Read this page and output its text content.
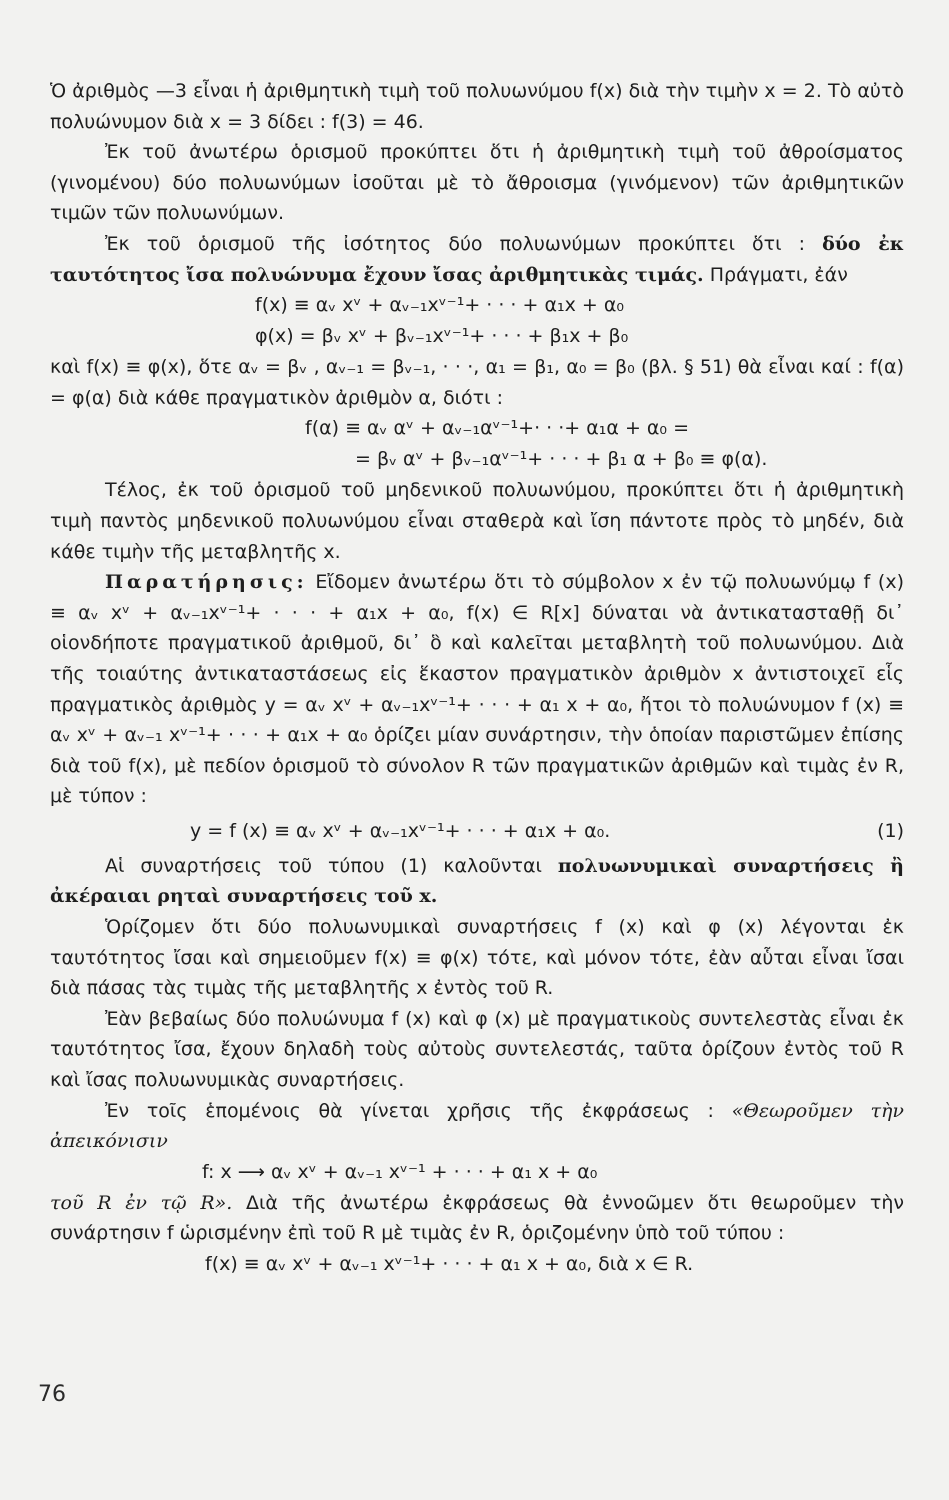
Ὁ ἀριθμὸς —3 εἶναι ἡ ἀριθμητικὴ τιμὴ τοῦ πολυωνύμου f(x) διὰ τὴν τιμὴν x = 2. Τὸ αὐτὸ πολυώνυμον διὰ x = 3 δίδει : f(3) = 46.

Ἐκ τοῦ ἀνωτέρω ὁρισμοῦ προκύπτει ὅτι ἡ ἀριθμητικὴ τιμὴ τοῦ ἀθροίσματος (γινομένου) δύο πολυωνύμων ἰσοῦται μὲ τὸ ἄθροισμα (γινόμενον) τῶν ἀριθμητικῶν τιμῶν τῶν πολυωνύμων.

Ἐκ τοῦ ὁρισμοῦ τῆς ἰσότητος δύο πολυωνύμων προκύπτει ὅτι : δύο ἐκ ταυτότητος ἴσα πολυώνυμα ἔχουν ἴσας ἀριθμητικὰς τιμάς. Πράγματι, ἐάν

f(x) ≡ αᵥ xᵛ + αᵥ₋₁xᵛ⁻¹+ · · · + α₁x + α₀
φ(x) = βᵥ xᵛ + βᵥ₋₁xᵛ⁻¹+ · · · + β₁x + β₀

καὶ f(x) ≡ φ(x), ὅτε αᵥ = βᵥ , αᵥ₋₁ = βᵥ₋₁, · · ·, α₁ = β₁, α₀ = β₀ (βλ. § 51) θὰ εἶναι καί : f(α) = φ(α) διὰ κάθε πραγματικὸν ἀριθμὸν α, διότι :

f(α) ≡ αᵥ αᵛ + αᵥ₋₁αᵛ⁻¹+· · ·+ α₁α + α₀ =
= βᵥ αᵛ + βᵥ₋₁αᵛ⁻¹+ · · · + β₁ α + β₀ ≡ φ(α).

Τέλος, ἐκ τοῦ ὁρισμοῦ τοῦ μηδενικοῦ πολυωνύμου, προκύπτει ὅτι ἡ ἀριθμητικὴ τιμὴ παντὸς μηδενικοῦ πολυωνύμου εἶναι σταθερὰ καὶ ἴση πάντοτε πρὸς τὸ μηδέν, διὰ κάθε τιμὴν τῆς μεταβλητῆς x.

Παρατήρησις: Εἴδομεν ἀνωτέρω ὅτι τὸ σύμβολον x ἐν τῷ πολυωνύμῳ f (x) ≡ αᵥ xᵛ + αᵥ₋₁xᵛ⁻¹+ · · · + α₁x + α₀, f(x) ∈ R[x] δύναται νὰ ἀντικατασταθῇ δι᾽ οἱονδήποτε πραγματικοῦ ἀριθμοῦ, δι᾽ ὃ καὶ καλεῖται μεταβλητὴ τοῦ πολυωνύμου. Διὰ τῆς τοιαύτης ἀντικαταστάσεως εἰς ἕκαστον πραγματικὸν ἀριθμὸν x ἀντιστοιχεῖ εἷς πραγματικὸς ἀριθμὸς y = αᵥ xᵛ + αᵥ₋₁xᵛ⁻¹+ · · · + α₁ x + α₀, ἤτοι τὸ πολυώνυμον f (x) ≡ αᵥ xᵛ + αᵥ₋₁ xᵛ⁻¹+ · · · + α₁x + α₀ ὁρίζει μίαν συνάρτησιν, τὴν ὁποίαν παριστῶμεν ἐπίσης διὰ τοῦ f(x), μὲ πεδίον ὁρισμοῦ τὸ σύνολον R τῶν πραγματικῶν ἀριθμῶν καὶ τιμὰς ἐν R, μὲ τύπον :

y = f (x) ≡ αᵥ xᵛ + αᵥ₋₁xᵛ⁻¹+ · · · + α₁x + α₀.	(1)

Αἱ συναρτήσεις τοῦ τύπου (1) καλοῦνται πολυωνυμικαὶ συναρτήσεις ἢ ἀκέραιαι ρηταὶ συναρτήσεις τοῦ x.

Ὁρίζομεν ὅτι δύο πολυωνυμικαὶ συναρτήσεις f (x) καὶ φ (x) λέγονται ἐκ ταυτότητος ἴσαι καὶ σημειοῦμεν f(x) ≡ φ(x) τότε, καὶ μόνον τότε, ἐὰν αὗται εἶναι ἴσαι διὰ πάσας τὰς τιμὰς τῆς μεταβλητῆς x ἐντὸς τοῦ R.

Ἐὰν βεβαίως δύο πολυώνυμα f (x) καὶ φ (x) μὲ πραγματικοὺς συντελεστὰς εἶναι ἐκ ταυτότητος ἴσα, ἔχουν δηλαδὴ τοὺς αὐτοὺς συντελεστάς, ταῦτα ὁρίζουν ἐντὸς τοῦ R καὶ ἴσας πολυωνυμικὰς συναρτήσεις.

Ἐν τοῖς ἑπομένοις θὰ γίνεται χρῆσις τῆς ἐκφράσεως : «Θεωροῦμεν τὴν ἀπεικόνισιν

f: x ⟶ αᵥ xᵛ + αᵥ₋₁ xᵛ⁻¹ + · · · + α₁ x + α₀

τοῦ R ἐν τῷ R». Διὰ τῆς ἀνωτέρω ἐκφράσεως θὰ ἐννοῶμεν ὅτι θεωροῦμεν τὴν συνάρτησιν f ὡρισμένην ἐπὶ τοῦ R μὲ τιμὰς ἐν R, ὁριζομένην ὑπὸ τοῦ τύπου :

f(x) ≡ αᵥ xᵛ + αᵥ₋₁ xᵛ⁻¹+ · · · + α₁ x + α₀, διὰ x ∈ R.
76
